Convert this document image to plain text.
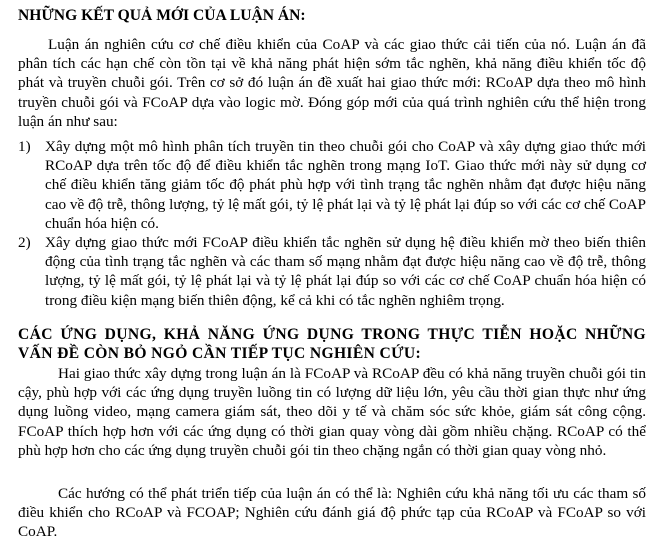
NHỮNG KẾT QUẢ MỚI CỦA LUẬN ÁN:

Luận án nghiên cứu cơ chế điều khiển của CoAP và các giao thức cải tiến của nó. Luận án đã phân tích các hạn chế còn tồn tại về khả năng phát hiện sớm tắc nghẽn, khả năng điều khiển tốc độ phát và truyền chuỗi gói. Trên cơ sở đó luận án đề xuất hai giao thức mới: RCoAP dựa theo mô hình truyền chuỗi gói và FCoAP dựa vào logic mờ. Đóng góp mới của quá trình nghiên cứu thể hiện trong luận án như sau:

1) Xây dựng một mô hình phân tích truyền tin theo chuỗi gói cho CoAP và xây dựng giao thức mới RCoAP dựa trên tốc độ để điều khiển tắc nghẽn trong mạng IoT. Giao thức mới này sử dụng cơ chế điều khiển tăng giảm tốc độ phát phù hợp với tình trạng tắc nghẽn nhằm đạt được hiệu năng cao về độ trễ, thông lượng, tỷ lệ mất gói, tỷ lệ phát lại và tỷ lệ phát lại đúp so với các cơ chế CoAP chuẩn hóa hiện có.
2) Xây dựng giao thức mới FCoAP điều khiển tắc nghẽn sử dụng hệ điều khiển mờ theo biến thiên động của tình trạng tắc nghẽn và các tham số mạng nhằm đạt được hiệu năng cao về độ trễ, thông lượng, tỷ lệ mất gói, tỷ lệ phát lại và tỷ lệ phát lại đúp so với các cơ chế CoAP chuẩn hóa hiện có trong điều kiện mạng biến thiên động, kể cả khi có tắc nghẽn nghiêm trọng.
CÁC ỨNG DỤNG, KHẢ NĂNG ỨNG DỤNG TRONG THỰC TIỄN HOẶC NHỮNG VẤN ĐỀ CÒN BỎ NGỎ CẦN TIẾP TỤC NGHIÊN CỨU:

Hai giao thức xây dựng trong luận án là FCoAP và RCoAP đều có khả năng truyền chuỗi gói tin cậy, phù hợp với các ứng dụng truyền luồng tin có lượng dữ liệu lớn, yêu cầu thời gian thực như ứng dụng luồng video, mạng camera giám sát, theo dõi y tế và chăm sóc sức khỏe, giám sát công cộng. FCoAP thích hợp hơn với các ứng dụng có thời gian quay vòng dài gồm nhiều chặng. RCoAP có thể phù hợp hơn cho các ứng dụng truyền chuỗi gói tin theo chặng ngắn có thời gian quay vòng nhỏ.

Các hướng có thể phát triển tiếp của luận án có thể là: Nghiên cứu khả năng tối ưu các tham số điều khiển cho RCoAP và FCOAP; Nghiên cứu đánh giá độ phức tạp của RCoAP và FCoAP so với CoAP.
